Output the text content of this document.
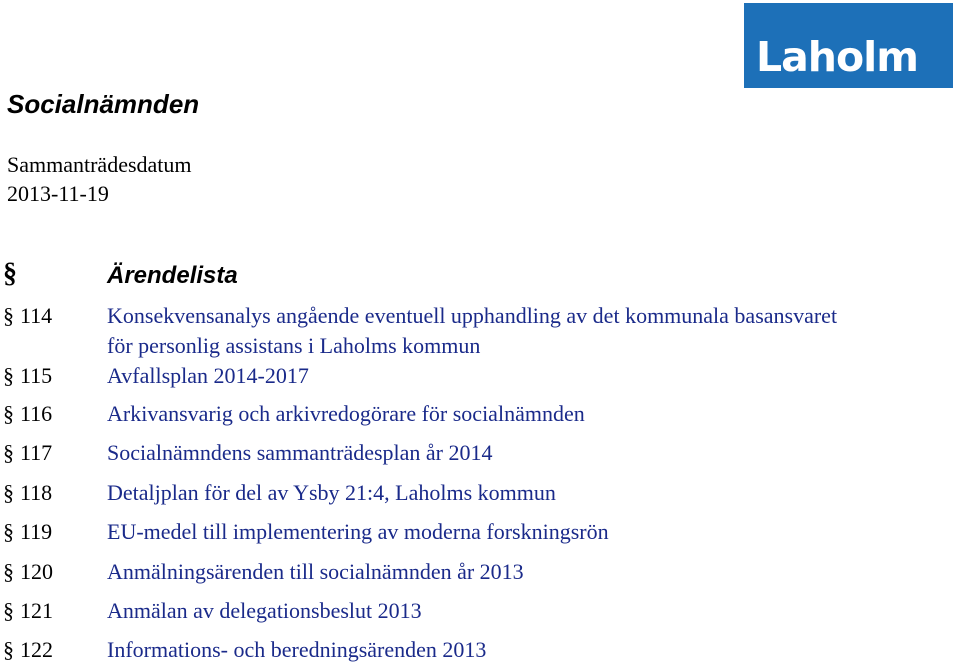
Laholm
Socialnämnden
Sammanträdesdatum
2013-11-19
§	Ärendelista
§ 114 Konsekvensanalys angående eventuell upphandling av det kommunala basansvaret för personlig assistans i Laholms kommun
§ 115 Avfallsplan 2014-2017
§ 116 Arkivansvarig och arkivredogörare för socialnämnden
§ 117 Socialnämndens sammanträdesplan år 2014
§ 118 Detaljplan för del av Ysby 21:4, Laholms kommun
§ 119 EU-medel till implementering av moderna forskningsrön
§ 120 Anmälningsärenden till socialnämnden år 2013
§ 121 Anmälan av delegationsbeslut 2013
§ 122 Informations- och beredningsärenden 2013
